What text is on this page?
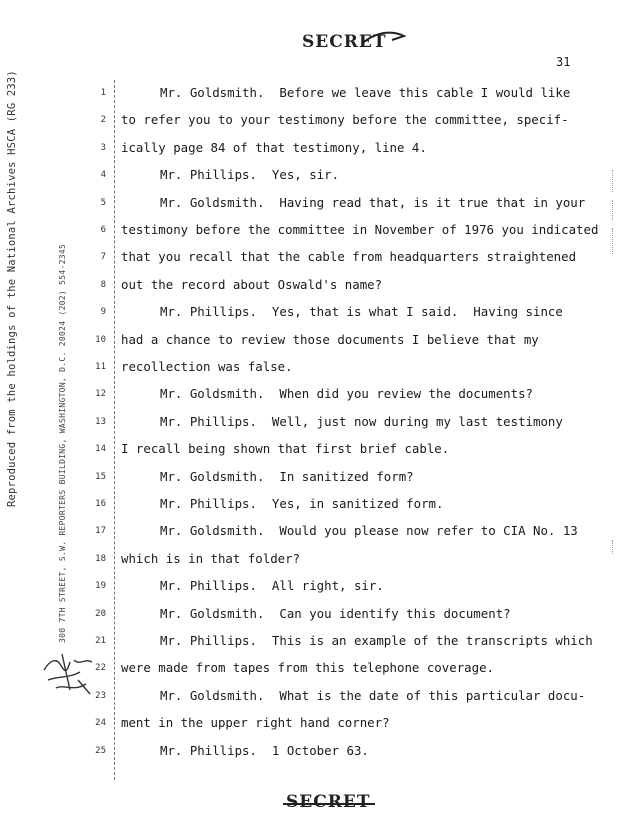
SECRET
31
Reproduced from the holdings of the National Archives HSCA (RG 233)	300 7TH STREET, S.W. REPORTERS BUILDING, WASHINGTON, D.C. 20024 (202) 554-2345
1	Mr. Goldsmith.  Before we leave this cable I would like
2 to refer you to your testimony before the committee, specif-
3 ically page 84 of that testimony, line 4.
4	Mr. Phillips.  Yes, sir.
5	Mr. Goldsmith.  Having read that, is it true that in your
6 testimony before the committee in November of 1976 you indicated
7 that you recall that the cable from headquarters straightened
8 out the record about Oswald's name?
9	Mr. Phillips.  Yes, that is what I said.  Having since
10 had a chance to review those documents I believe that my
11 recollection was false.
12	Mr. Goldsmith.  When did you review the documents?
13	Mr. Phillips.  Well, just now during my last testimony
14 I recall being shown that first brief cable.
15	Mr. Goldsmith.  In sanitized form?
16	Mr. Phillips.  Yes, in sanitized form.
17	Mr. Goldsmith.  Would you please now refer to CIA No. 13
18 which is in that folder?
19	Mr. Phillips.  All right, sir.
20	Mr. Goldsmith.  Can you identify this document?
21	Mr. Phillips.  This is an example of the transcripts which
22 were made from tapes from this telephone coverage.
23	Mr. Goldsmith.  What is the date of this particular docu-
24 ment in the upper right hand corner?
25	Mr. Phillips.  1 October 63.
SECRET
